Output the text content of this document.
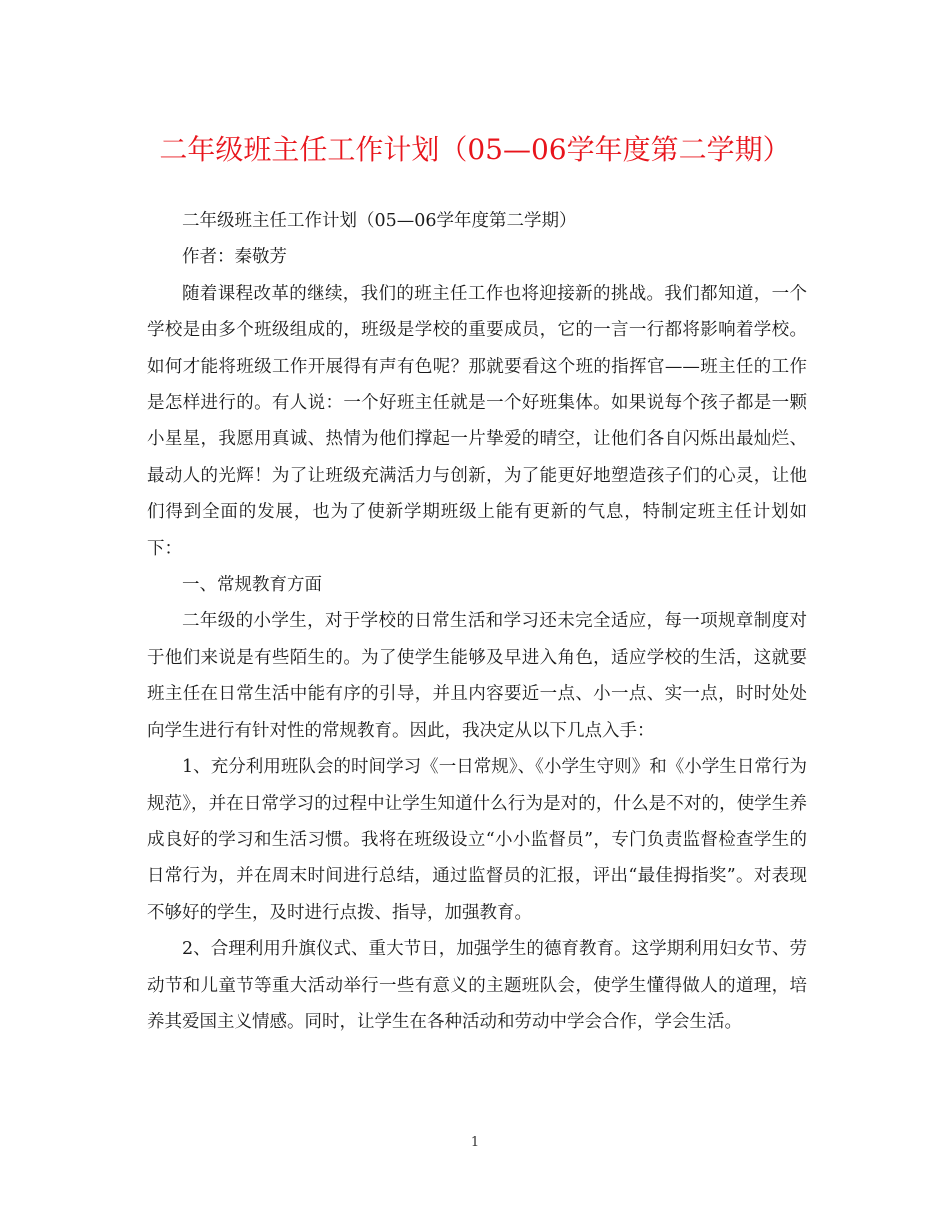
二年级班主任工作计划（05—06学年度第二学期）

二年级班主任工作计划（05—06学年度第二学期）

作者：秦敬芳

随着课程改革的继续，我们的班主任工作也将迎接新的挑战。我们都知道，一个学校是由多个班级组成的，班级是学校的重要成员，它的一言一行都将影响着学校。如何才能将班级工作开展得有声有色呢？那就要看这个班的指挥官——班主任的工作是怎样进行的。有人说：一个好班主任就是一个好班集体。如果说每个孩子都是一颗小星星，我愿用真诚、热情为他们撑起一片挚爱的晴空，让他们各自闪烁出最灿烂、最动人的光辉！为了让班级充满活力与创新，为了能更好地塑造孩子们的心灵，让他们得到全面的发展，也为了使新学期班级上能有更新的气息，特制定班主任计划如下：

一、常规教育方面

二年级的小学生，对于学校的日常生活和学习还未完全适应，每一项规章制度对于他们来说是有些陌生的。为了使学生能够及早进入角色，适应学校的生活，这就要班主任在日常生活中能有序的引导，并且内容要近一点、小一点、实一点，时时处处向学生进行有针对性的常规教育。因此，我决定从以下几点入手：

1、充分利用班队会的时间学习《一日常规》、《小学生守则》和《小学生日常行为规范》，并在日常学习的过程中让学生知道什么行为是对的，什么是不对的，使学生养成良好的学习和生活习惯。我将在班级设立“小小监督员”，专门负责监督检查学生的日常行为，并在周末时间进行总结，通过监督员的汇报，评出“最佳拇指奖”。对表现不够好的学生，及时进行点拨、指导，加强教育。

2、合理利用升旗仪式、重大节日，加强学生的德育教育。这学期利用妇女节、劳动节和儿童节等重大活动举行一些有意义的主题班队会，使学生懂得做人的道理，培养其爱国主义情感。同时，让学生在各种活动和劳动中学会合作，学会生活。

1
